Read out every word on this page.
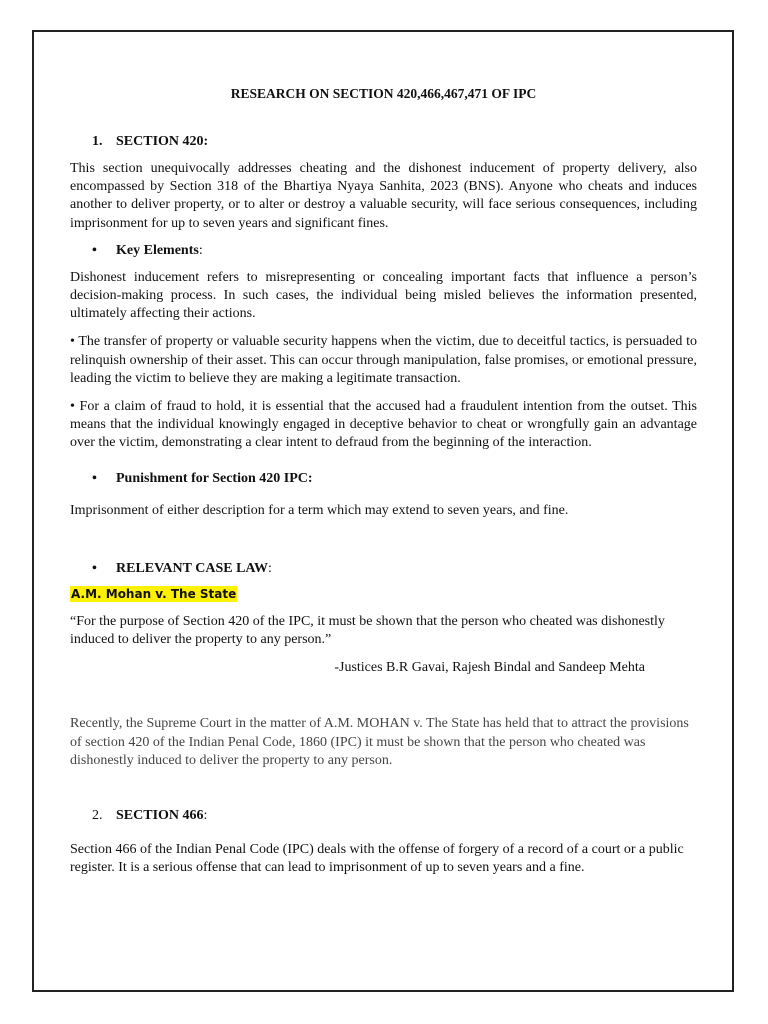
RESEARCH ON SECTION 420,466,467,471 OF IPC
1. SECTION 420:

This section unequivocally addresses cheating and the dishonest inducement of property delivery, also encompassed by Section 318 of the Bhartiya Nyaya Sanhita, 2023 (BNS). Anyone who cheats and induces another to deliver property, or to alter or destroy a valuable security, will face serious consequences, including imprisonment for up to seven years and significant fines.

• Key Elements:

Dishonest inducement refers to misrepresenting or concealing important facts that influence a person’s decision-making process. In such cases, the individual being misled believes the information presented, ultimately affecting their actions.

• The transfer of property or valuable security happens when the victim, due to deceitful tactics, is persuaded to relinquish ownership of their asset. This can occur through manipulation, false promises, or emotional pressure, leading the victim to believe they are making a legitimate transaction.

• For a claim of fraud to hold, it is essential that the accused had a fraudulent intention from the outset. This means that the individual knowingly engaged in deceptive behavior to cheat or wrongfully gain an advantage over the victim, demonstrating a clear intent to defraud from the beginning of the interaction.

• Punishment for Section 420 IPC:

Imprisonment of either description for a term which may extend to seven years, and fine.

• RELEVANT CASE LAW:
A.M. Mohan v. The State

“For the purpose of Section 420 of the IPC, it must be shown that the person who cheated was dishonestly induced to deliver the property to any person.”

-Justices B.R Gavai, Rajesh Bindal and Sandeep Mehta

Recently, the Supreme Court in the matter of A.M. MOHAN v. The State has held that to attract the provisions of section 420 of the Indian Penal Code, 1860 (IPC) it must be shown that the person who cheated was dishonestly induced to deliver the property to any person.

2. SECTION 466:

Section 466 of the Indian Penal Code (IPC) deals with the offense of forgery of a record of a court or a public register. It is a serious offense that can lead to imprisonment of up to seven years and a fine.
